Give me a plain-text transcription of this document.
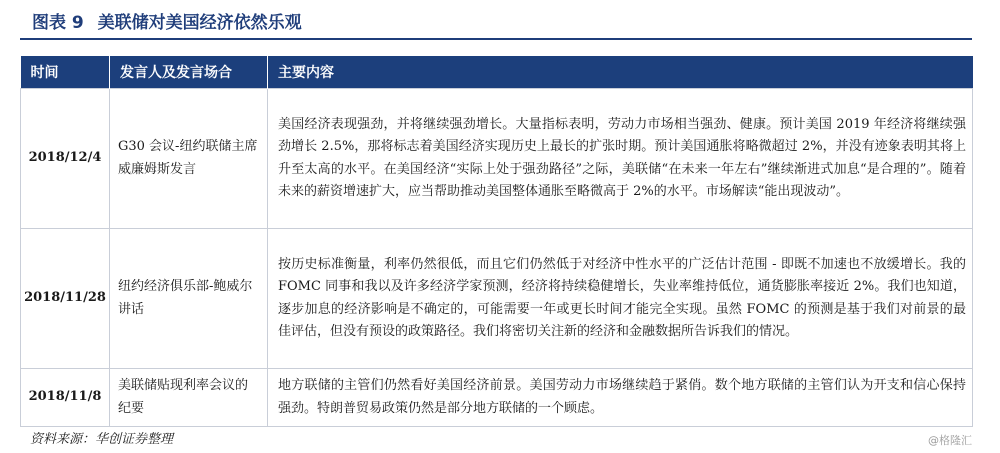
图表 9 美联储对美国经济依然乐观
时间	发言人及发言场合	主要内容
2018/12/4	G30 会议-纽约联储主席威廉姆斯发言	美国经济表现强劲，并将继续强劲增长。大量指标表明，劳动力市场相当强劲、健康。预计美国 2019 年经济将继续强劲增长 2.5%，那将标志着美国经济实现历史上最长的扩张时期。预计美国通胀将略微超过 2%，并没有迹象表明其将上升至太高的水平。在美国经济“实际上处于强劲路径”之际，美联储“在未来一年左右”继续渐进式加息“是合理的”。随着未来的薪资增速扩大，应当帮助推动美国整体通胀至略微高于 2%的水平。市场解读“能出现波动”。
2018/11/28	纽约经济俱乐部-鲍威尔讲话	按历史标准衡量，利率仍然很低，而且它们仍然低于对经济中性水平的广泛估计范围 - 即既不加速也不放缓增长。我的 FOMC 同事和我以及许多经济学家预测，经济将持续稳健增长，失业率维持低位，通货膨胀率接近 2%。我们也知道，逐步加息的经济影响是不确定的，可能需要一年或更长时间才能完全实现。虽然 FOMC 的预测是基于我们对前景的最佳评估，但没有预设的政策路径。我们将密切关注新的经济和金融数据所告诉我们的情况。
2018/11/8	美联储贴现利率会议的纪要	地方联储的主管们仍然看好美国经济前景。美国劳动力市场继续趋于紧俏。数个地方联储的主管们认为开支和信心保持强劲。特朗普贸易政策仍然是部分地方联储的一个顾虑。
资料来源：华创证券整理	@格隆汇
